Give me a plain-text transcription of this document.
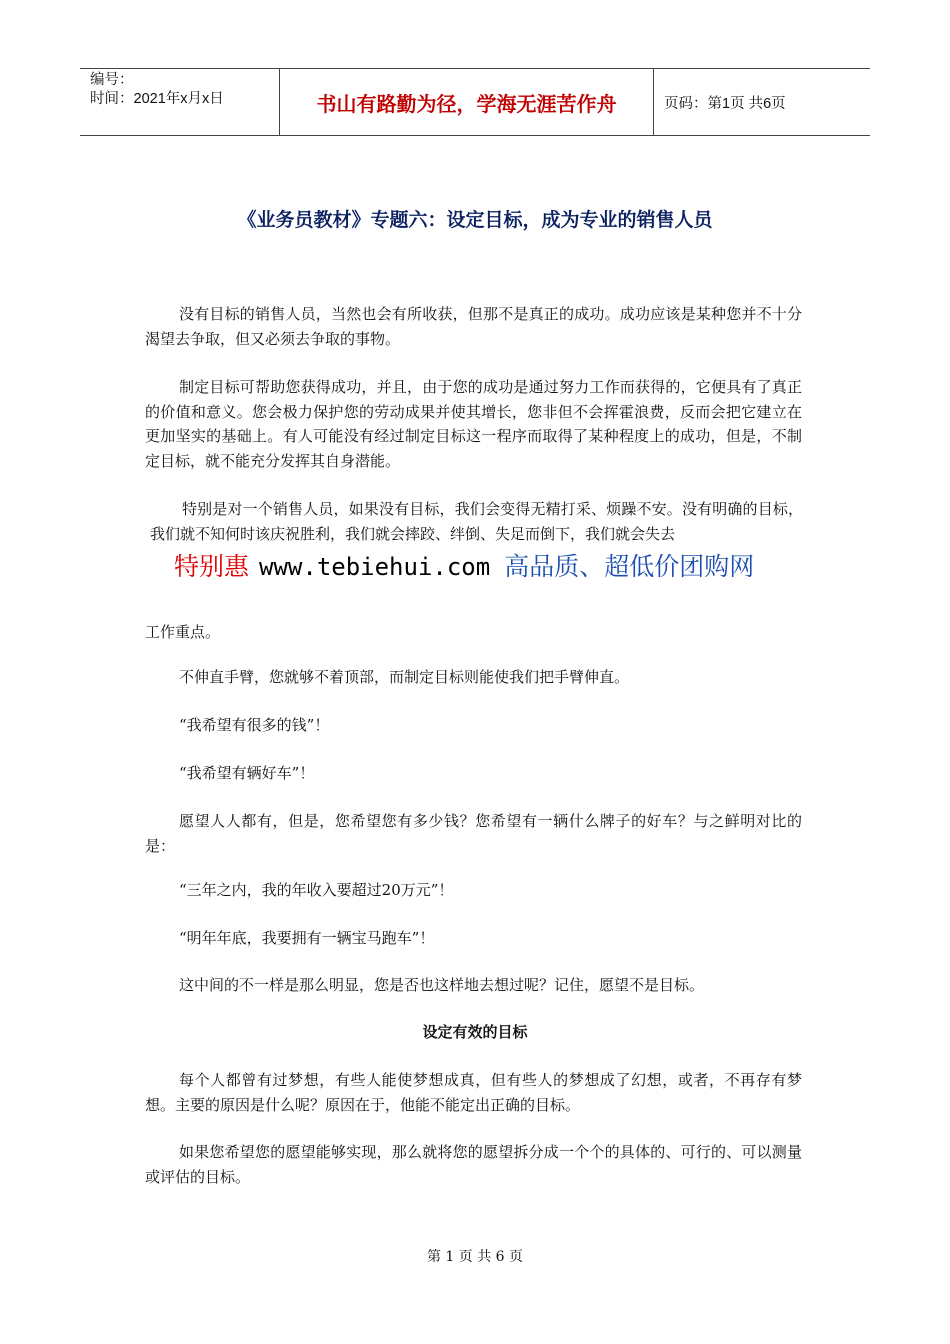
编号：
时间：2021年x月x日	书山有路勤为径，学海无涯苦作舟	页码：第1页 共6页
《业务员教材》专题六：设定目标，成为专业的销售人员
没有目标的销售人员，当然也会有所收获，但那不是真正的成功。成功应该是某种您并不十分渴望去争取，但又必须去争取的事物。
制定目标可帮助您获得成功，并且，由于您的成功是通过努力工作而获得的，它便具有了真正的价值和意义。您会极力保护您的劳动成果并使其增长，您非但不会挥霍浪费，反而会把它建立在更加坚实的基础上。有人可能没有经过制定目标这一程序而取得了某种程度上的成功，但是，不制定目标，就不能充分发挥其自身潜能。
特别是对一个销售人员，如果没有目标，我们会变得无精打采、烦躁不安。没有明确的目标，我们就不知何时该庆祝胜利，我们就会摔跤、绊倒、失足而倒下，我们就会失去
特别惠 www.tebiehui.com 高品质、超低价团购网
工作重点。
不伸直手臂，您就够不着顶部，而制定目标则能使我们把手臂伸直。
“我希望有很多的钱”！
“我希望有辆好车”！
愿望人人都有，但是，您希望您有多少钱？您希望有一辆什么牌子的好车？与之鲜明对比的是：
“三年之内，我的年收入要超过20万元”！
“明年年底，我要拥有一辆宝马跑车”！
这中间的不一样是那么明显，您是否也这样地去想过呢？记住，愿望不是目标。
设定有效的目标
每个人都曾有过梦想，有些人能使梦想成真，但有些人的梦想成了幻想，或者，不再存有梦想。主要的原因是什么呢？原因在于，他能不能定出正确的目标。
如果您希望您的愿望能够实现，那么就将您的愿望拆分成一个个的具体的、可行的、可以测量或评估的目标。
第 1 页 共 6 页
